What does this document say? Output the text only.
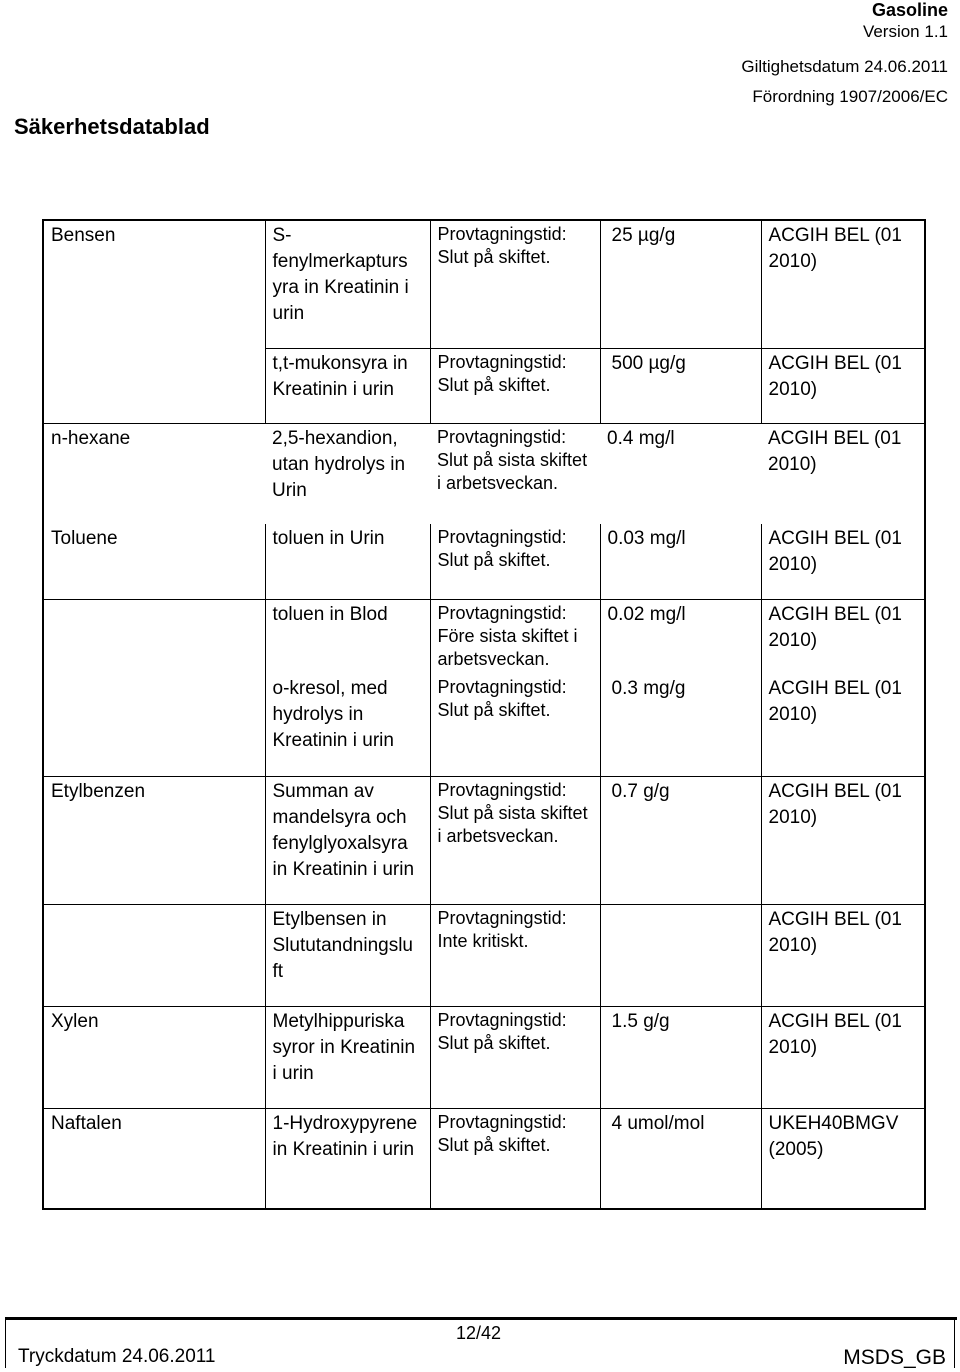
Gasoline
Version 1.1
Giltighetsdatum 24.06.2011
Förordning 1907/2006/EC
Säkerhetsdatablad
Bensen	S-fenylmerkapturs yra in Kreatinin i urin	Provtagningstid: Slut på skiftet.	25 µg/g	ACGIH BEL (01 2010)
	t,t-mukonsyra in Kreatinin i urin	Provtagningstid: Slut på skiftet.	500 µg/g	ACGIH BEL (01 2010)
n-hexane	2,5-hexandion, utan hydrolys in Urin	Provtagningstid: Slut på sista skiftet i arbetsveckan.	0.4 mg/l	ACGIH BEL (01 2010)
Toluene	toluen in Urin	Provtagningstid: Slut på skiftet.	0.03 mg/l	ACGIH BEL (01 2010)
	toluen in Blod	Provtagningstid: Före sista skiftet i arbetsveckan.	0.02 mg/l	ACGIH BEL (01 2010)
	o-kresol, med hydrolys in Kreatinin i urin	Provtagningstid: Slut på skiftet.	0.3 mg/g	ACGIH BEL (01 2010)
Etylbenzen	Summan av mandelsyra och fenylglyoxalsyra in Kreatinin i urin	Provtagningstid: Slut på sista skiftet i arbetsveckan.	0.7 g/g	ACGIH BEL (01 2010)
	Etylbensen in Slututandningslu ft	Provtagningstid: Inte kritiskt.		ACGIH BEL (01 2010)
Xylen	Metylhippuriska syror in Kreatinin i urin	Provtagningstid: Slut på skiftet.	1.5 g/g	ACGIH BEL (01 2010)
Naftalen	1-Hydroxypyrene in Kreatinin i urin	Provtagningstid: Slut på skiftet.	4 umol/mol	UKEH40BMGV (2005)
12/42
Tryckdatum 24.06.2011	MSDS_GB
